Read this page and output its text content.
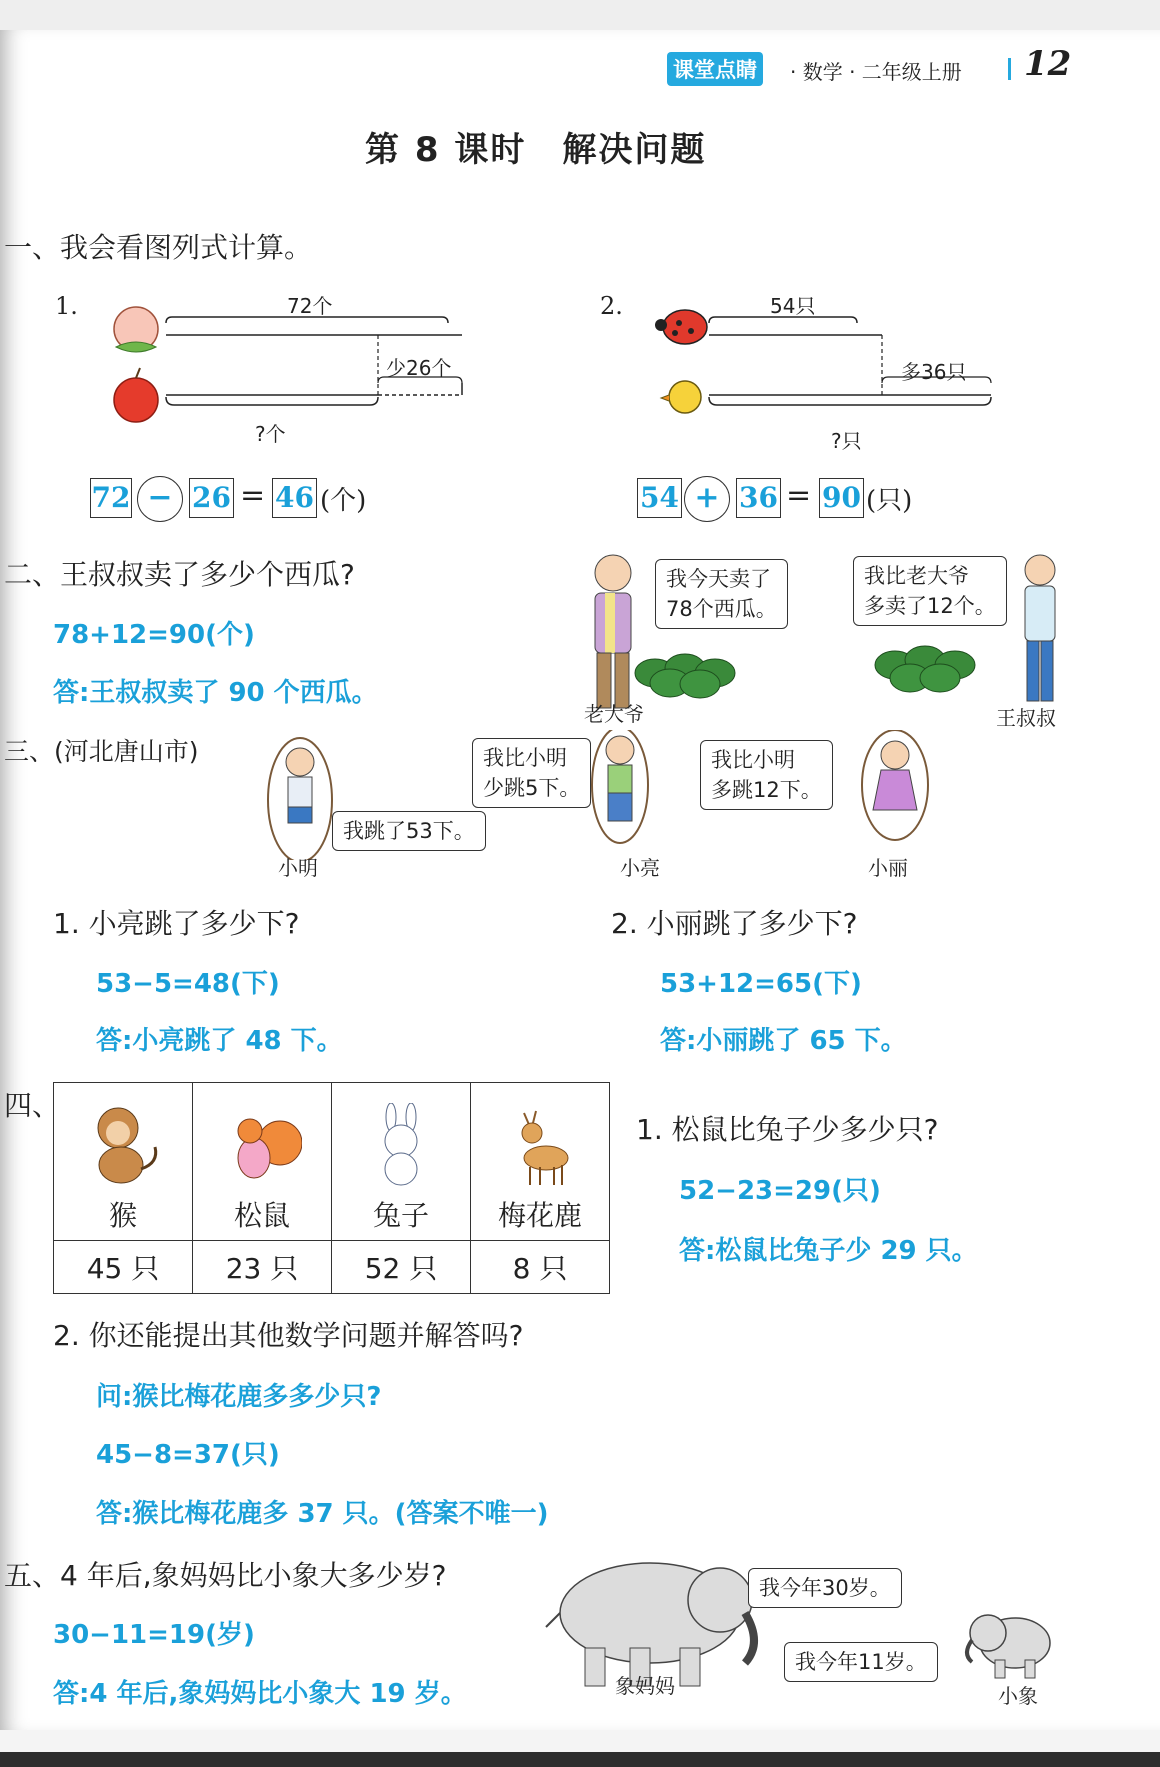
课堂点睛	· 数学 · 二年级上册 12
第 8 课时　解决问题
一、我会看图列式计算。
1.	72个
少26个
?个
72 − 26 = 46 (个)
2.	54只
多36只
?只
54 + 36 = 90 (只)
二、王叔叔卖了多少个西瓜?
78+12=90(个)
答:王叔叔卖了 90 个西瓜。
我今天卖了
78个西瓜。
我比老大爷
多卖了12个。
老大爷	王叔叔
三、(河北唐山市)
我跳了53下。
我比小明
少跳5下。
我比小明
多跳12下。
小明	小亮	小丽
1. 小亮跳了多少下?
53−5=48(下)
答:小亮跳了 48 下。
2. 小丽跳了多少下?
53+12=65(下)
答:小丽跳了 65 下。
四、
猴	松鼠	兔子	梅花鹿

45 只	23 只	52 只	8 只
1. 松鼠比兔子少多少只?
52−23=29(只)
答:松鼠比兔子少 29 只。
2. 你还能提出其他数学问题并解答吗?
问:猴比梅花鹿多多少只?
45−8=37(只)
答:猴比梅花鹿多 37 只。(答案不唯一)
五、4 年后,象妈妈比小象大多少岁?
30−11=19(岁)
答:4 年后,象妈妈比小象大 19 岁。
我今年30岁。
我今年11岁。
象妈妈	小象
